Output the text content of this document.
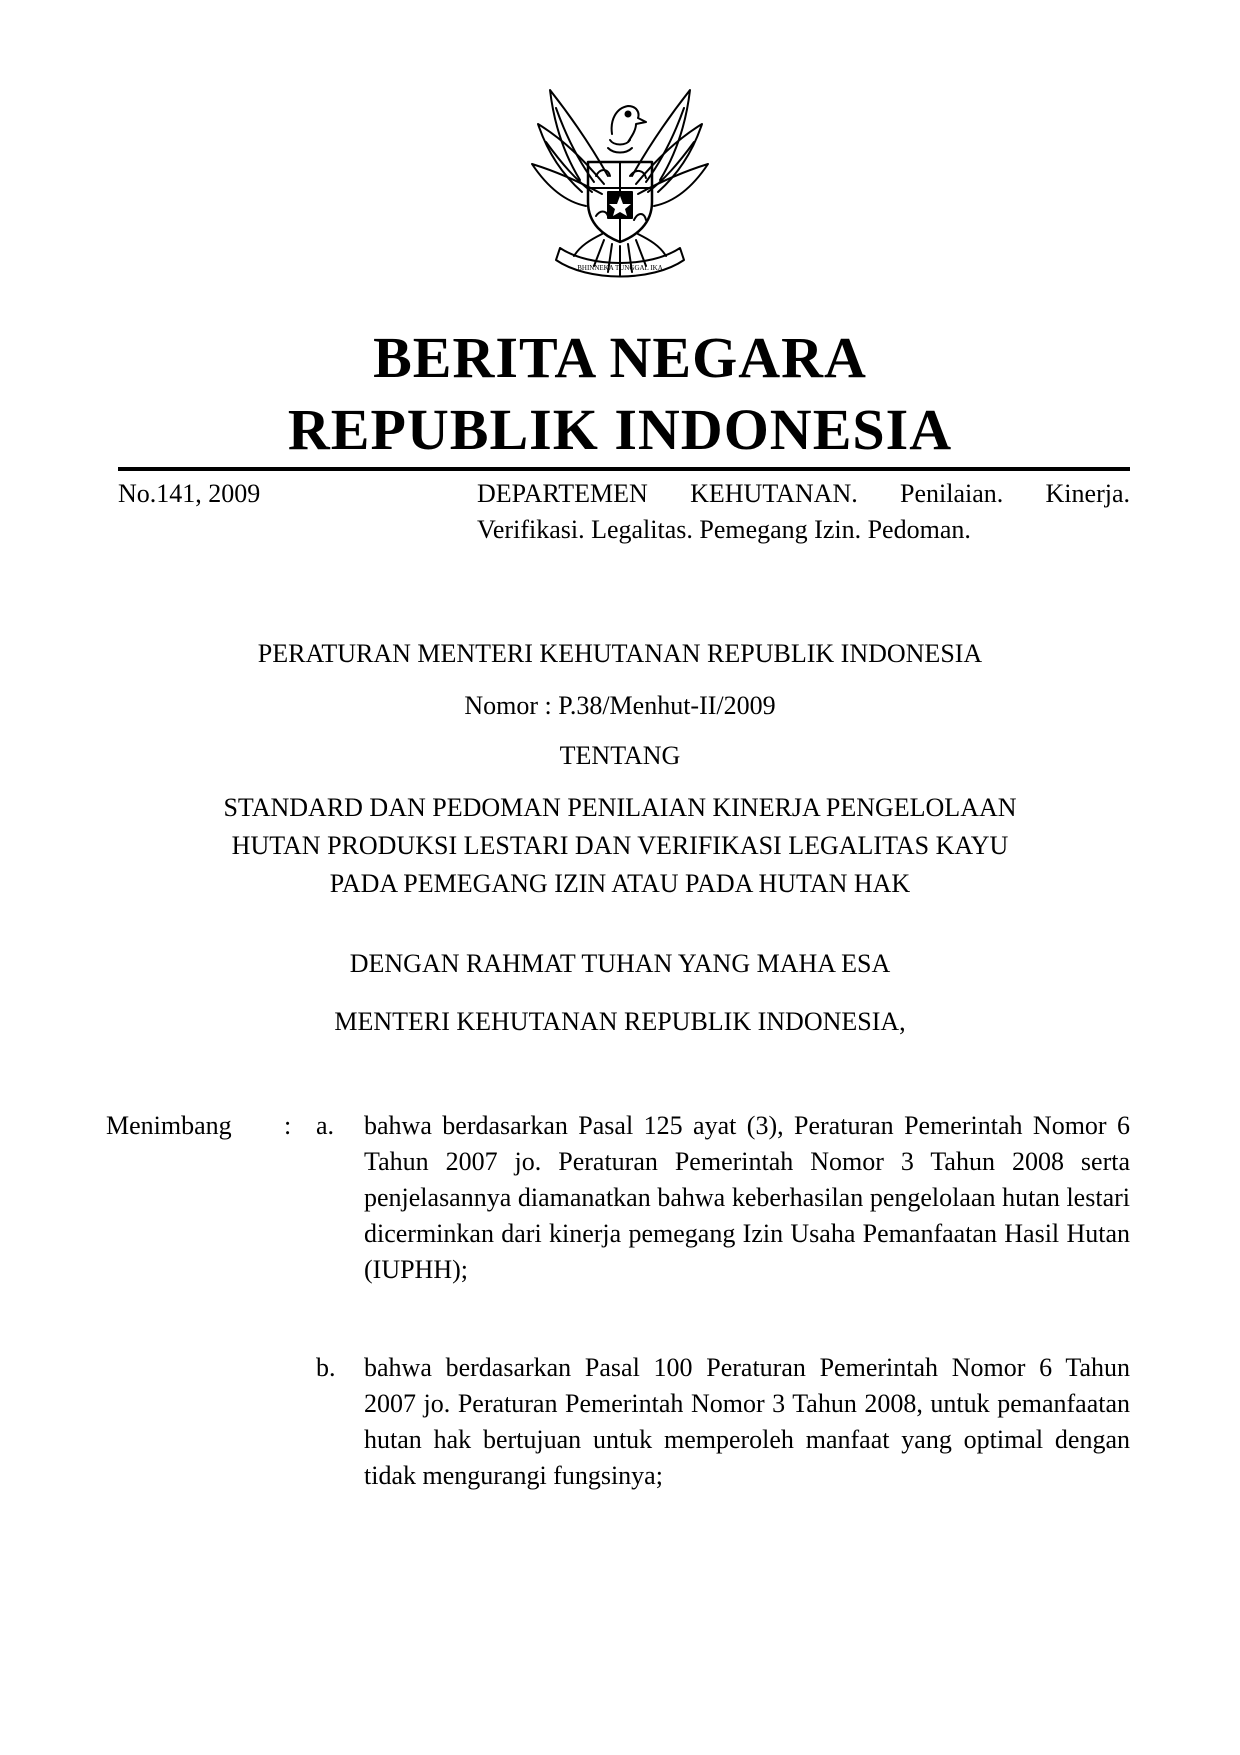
BHINNEKA TUNGGAL IKA
BERITA NEGARA
REPUBLIK INDONESIA
No.141, 2009	DEPARTEMEN KEHUTANAN. Penilaian. Kinerja. Verifikasi. Legalitas. Pemegang Izin. Pedoman.
PERATURAN MENTERI KEHUTANAN REPUBLIK INDONESIA
Nomor : P.38/Menhut-II/2009
TENTANG
STANDARD DAN PEDOMAN PENILAIAN KINERJA PENGELOLAAN
HUTAN PRODUKSI LESTARI DAN VERIFIKASI LEGALITAS KAYU
PADA PEMEGANG IZIN ATAU PADA HUTAN HAK
DENGAN RAHMAT TUHAN YANG MAHA ESA
MENTERI KEHUTANAN REPUBLIK INDONESIA,
Menimbang : a. bahwa berdasarkan Pasal 125 ayat (3), Peraturan Pemerintah Nomor 6 Tahun 2007 jo. Peraturan Pemerintah Nomor 3 Tahun 2008 serta penjelasannya diamanatkan bahwa keberhasilan pengelolaan hutan lestari dicerminkan dari kinerja pemegang Izin Usaha Pemanfaatan Hasil Hutan (IUPHH);
b. bahwa berdasarkan Pasal 100 Peraturan Pemerintah Nomor 6 Tahun 2007 jo. Peraturan Pemerintah Nomor 3 Tahun 2008, untuk pemanfaatan hutan hak bertujuan untuk memperoleh manfaat yang optimal dengan tidak mengurangi fungsinya;
